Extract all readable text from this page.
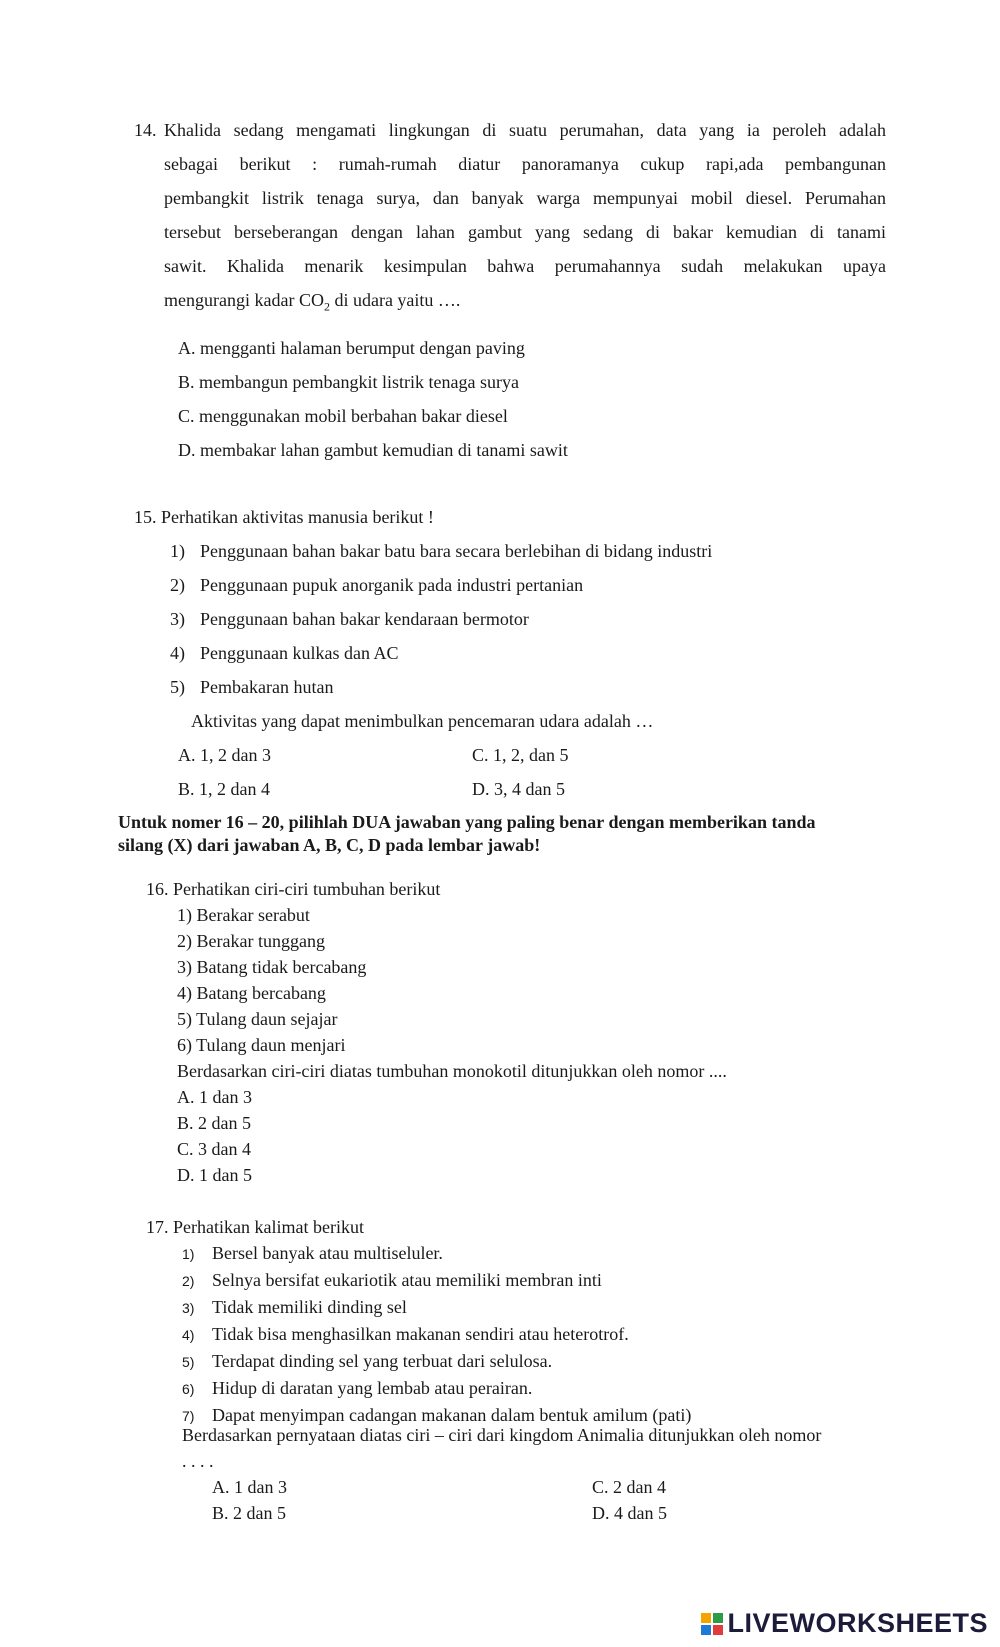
14. Khalida sedang mengamati lingkungan di suatu perumahan, data yang ia peroleh adalah
sebagai berikut : rumah-rumah diatur panoramanya cukup rapi,ada pembangunan
pembangkit listrik tenaga surya, dan banyak warga mempunyai mobil diesel. Perumahan
tersebut berseberangan dengan lahan gambut yang sedang di bakar kemudian di tanami
sawit. Khalida menarik kesimpulan bahwa perumahannya sudah melakukan upaya
mengurangi kadar $CO_2$ di udara yaitu ….
A. mengganti halaman berumput dengan paving
B. membangun pembangkit listrik tenaga surya
C. menggunakan mobil berbahan bakar diesel
D. membakar lahan gambut kemudian di tanami sawit
15. Perhatikan aktivitas manusia berikut !
1) Penggunaan bahan bakar batu bara secara berlebihan di bidang industri
2) Penggunaan pupuk anorganik pada industri pertanian
3) Penggunaan bahan bakar kendaraan bermotor
4) Penggunaan kulkas dan AC
5) Pembakaran hutan
Aktivitas yang dapat menimbulkan pencemaran udara adalah …
A. 1, 2 dan 3	C. 1, 2, dan 5
B. 1, 2 dan 4	D. 3, 4 dan 5
Untuk nomer 16 – 20, pilihlah DUA jawaban yang paling benar dengan memberikan tanda
silang (X) dari jawaban A, B, C, D pada lembar jawab!
16. Perhatikan ciri-ciri tumbuhan berikut
1) Berakar serabut
2) Berakar tunggang
3) Batang tidak bercabang
4) Batang bercabang
5) Tulang daun sejajar
6) Tulang daun menjari
Berdasarkan ciri-ciri diatas tumbuhan monokotil ditunjukkan oleh nomor ....
A. 1 dan 3
B. 2 dan 5
C. 3 dan 4
D. 1 dan 5
17. Perhatikan kalimat berikut
1) Bersel banyak atau multiseluler.
2) Selnya bersifat eukariotik atau memiliki membran inti
3) Tidak memiliki dinding sel
4) Tidak bisa menghasilkan makanan sendiri atau heterotrof.
5) Terdapat dinding sel yang terbuat dari selulosa.
6) Hidup di daratan yang lembab atau perairan.
7) Dapat menyimpan cadangan makanan dalam bentuk amilum (pati)
Berdasarkan pernyataan diatas ciri – ciri dari kingdom Animalia ditunjukkan oleh nomor
. . . .
A. 1 dan 3	C. 2 dan 4
B. 2 dan 5	D. 4 dan 5
LIVEWORKSHEETS
